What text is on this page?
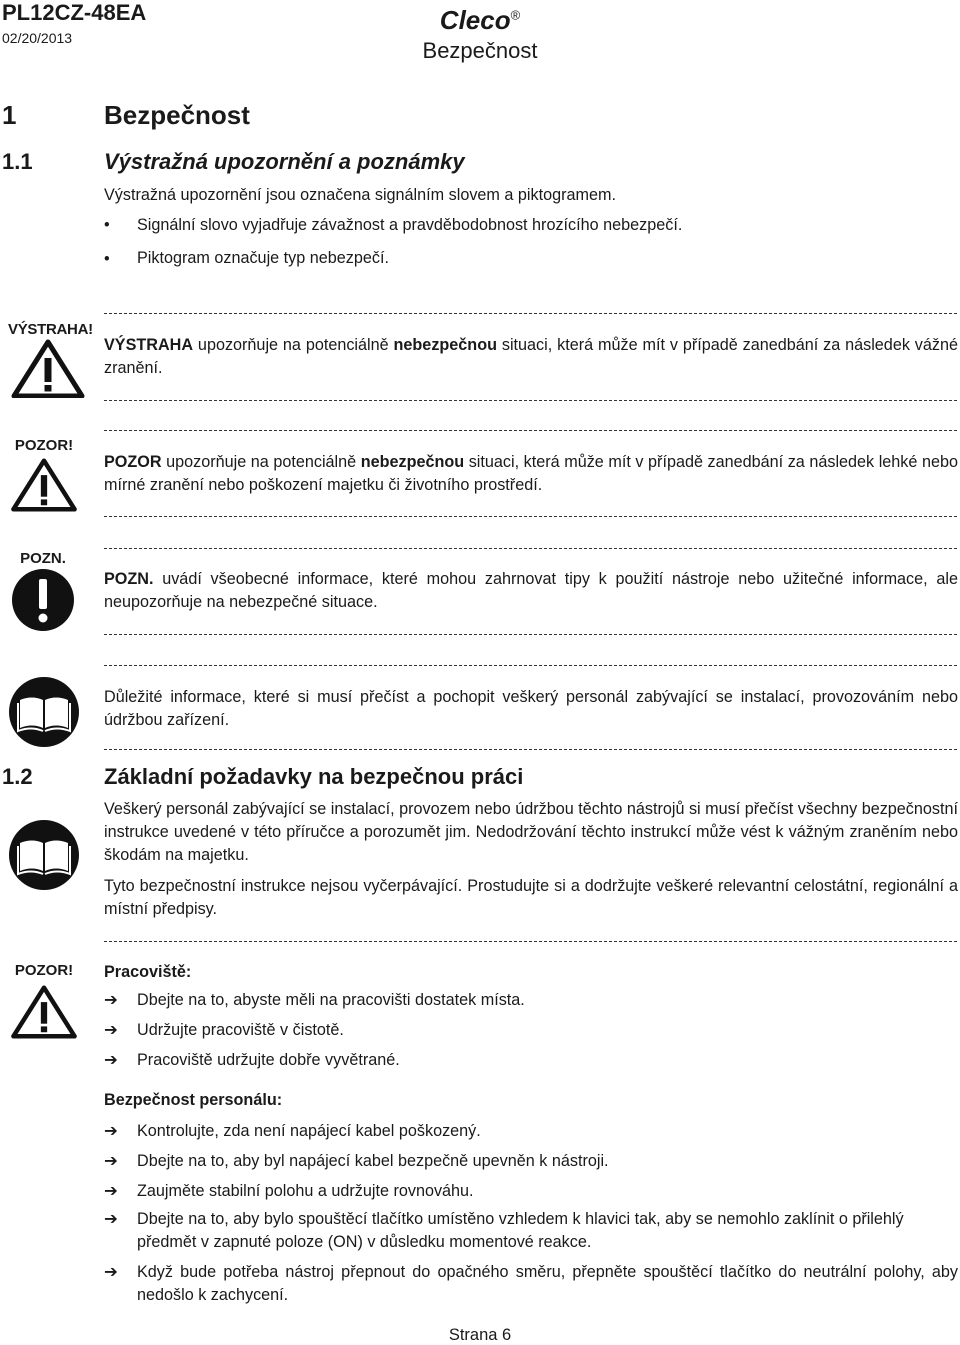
PL12CZ-48EA
02/20/2013
Cleco®
Bezpečnost
1	Bezpečnost
1.1	Výstražná upozornění a poznámky
Výstražná upozornění jsou označena signálním slovem a piktogramem.
• Signální slovo vyjadřuje závažnost a pravděbodobnost hrozícího nebezpečí.
• Piktogram označuje typ nebezpečí.
VÝSTRAHA!
VÝSTRAHA upozorňuje na potenciálně nebezpečnou situaci, která může mít v případě zanedbání za následek vážné zranění.
POZOR!
POZOR upozorňuje na potenciálně nebezpečnou situaci, která může mít v případě zanedbání za následek lehké nebo mírné zranění nebo poškození majetku či životního prostředí.
POZN.
POZN. uvádí všeobecné informace, které mohou zahrnovat tipy k použití nástroje nebo užitečné informace, ale neupozorňuje na nebezpečné situace.
Důležité informace, které si musí přečíst a pochopit veškerý personál zabývající se instalací, provozováním nebo údržbou zařízení.
1.2	Základní požadavky na bezpečnou práci
Veškerý personál zabývající se instalací, provozem nebo údržbou těchto nástrojů si musí přečíst všechny bezpečnostní instrukce uvedené v této příručce a porozumět jim. Nedodržování těchto instrukcí může vést k vážným zraněním nebo škodám na majetku.
Tyto bezpečnostní instrukce nejsou vyčerpávající. Prostudujte si a dodržujte veškeré relevantní celostátní, regionální a místní předpisy.
POZOR!	Pracoviště:
➔ Dbejte na to, abyste měli na pracovišti dostatek místa.
➔ Udržujte pracoviště v čistotě.
➔ Pracoviště udržujte dobře vyvětrané.
Bezpečnost personálu:
➔ Kontrolujte, zda není napájecí kabel poškozený.
➔ Dbejte na to, aby byl napájecí kabel bezpečně upevněn k nástroji.
➔ Zaujměte stabilní polohu a udržujte rovnováhu.
➔ Dbejte na to, aby bylo spouštěcí tlačítko umístěno vzhledem k hlavici tak, aby se nemohlo zaklínit o přilehlý předmět v zapnuté poloze (ON) v důsledku momentové reakce.
➔ Když bude potřeba nástroj přepnout do opačného směru, přepněte spouštěcí tlačítko do neutrální polohy, aby nedošlo k zachycení.
Strana 6
